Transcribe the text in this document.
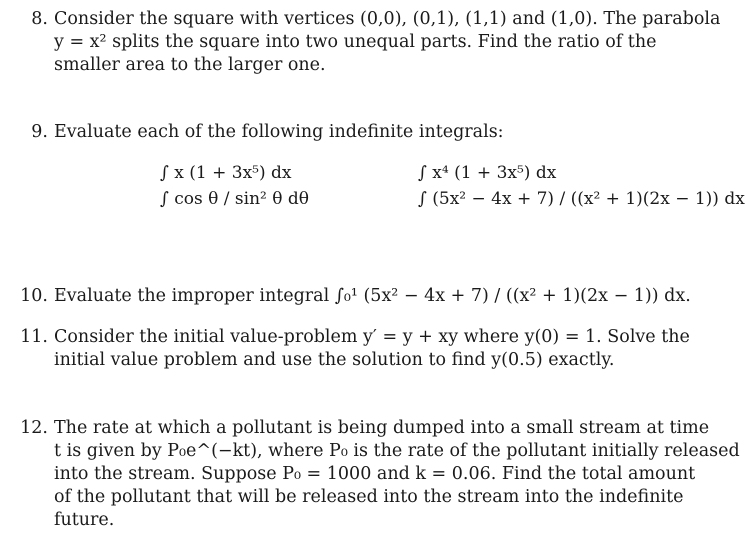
8. Consider the square with vertices (0,0), (0,1), (1,1) and (1,0). The parabola
y = x² splits the square into two unequal parts. Find the ratio of the
smaller area to the larger one.
9. Evaluate each of the following indefinite integrals:
∫ x (1 + 3x⁵) dx	∫ x⁴ (1 + 3x⁵) dx
∫ cos θ / sin² θ dθ	∫ (5x² − 4x + 7) / ((x² + 1)(2x − 1)) dx
10. Evaluate the improper integral ∫₀¹ (5x² − 4x + 7) / ((x² + 1)(2x − 1)) dx.
11. Consider the initial value-problem y′ = y + xy where y(0) = 1. Solve the
initial value problem and use the solution to find y(0.5) exactly.
12. The rate at which a pollutant is being dumped into a small stream at time
t is given by P₀e^(−kt), where P₀ is the rate of the pollutant initially released
into the stream. Suppose P₀ = 1000 and k = 0.06. Find the total amount
of the pollutant that will be released into the stream into the indefinite
future.
